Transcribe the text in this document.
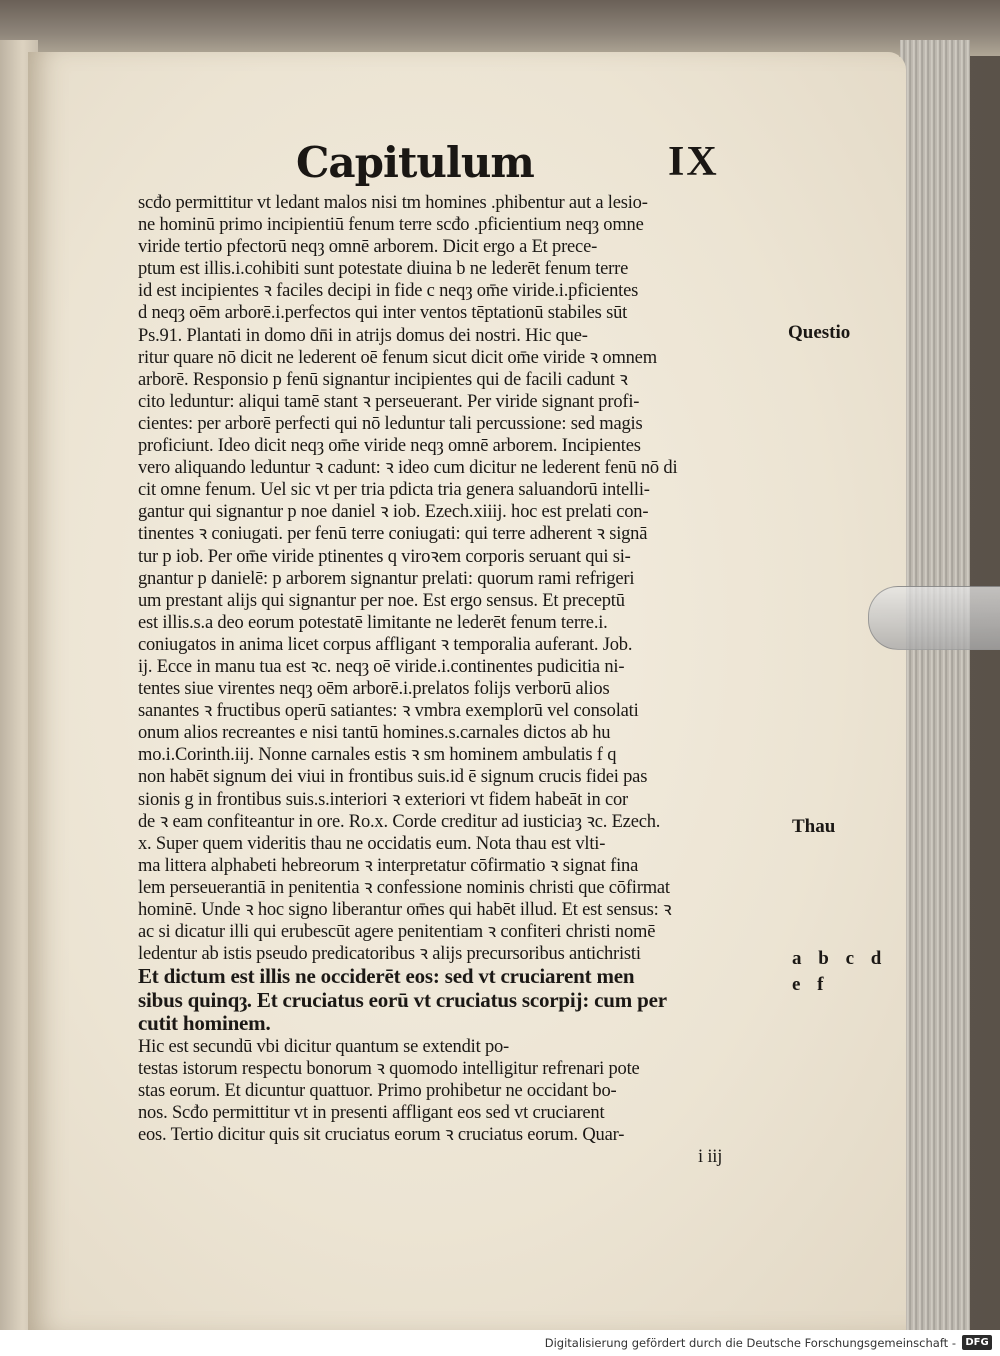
Capitulum	IX
scđo permittitur vt ledant malos nisi tm homines .phibentur aut a lesio-
ne hominū primo incipientiū fenum terre scđo .pficientium neqȝ omne
viride tertio pfectorū neqȝ omnē arborem. Dicit ergo a Et prece-
ptum est illis.i.cohibiti sunt potestate diuina b ne lederēt fenum terre
id est incipientes ꝛ faciles decipi in fide c neqȝ om̄e viride.i.pficientes
d neqȝ oēm arborē.i.perfectos qui inter ventos tēptationū stabiles sūt
Ps.91. Plantati in domo dn̄i in atrijs domus dei nostri. Hic que-
ritur quare nō dicit ne lederent oē fenum sicut dicit om̄e viride ꝛ omnem
arborē. Responsio p fenū signantur incipientes qui de facili cadunt ꝛ
cito leduntur: aliqui tamē stant ꝛ perseuerant. Per viride signant profi-
cientes: per arborē perfecti qui nō leduntur tali percussione: sed magis
proficiunt. Ideo dicit neqȝ om̄e viride neqȝ omnē arborem. Incipientes
vero aliquando leduntur ꝛ cadunt: ꝛ ideo cum dicitur ne lederent fenū nō di
cit omne fenum. Uel sic vt per tria pdicta tria genera saluandorū intelli-
gantur qui signantur p noe daniel ꝛ iob. Ezech.xiiij. hoc est prelati con-
tinentes ꝛ coniugati. per fenū terre coniugati: qui terre adherent ꝛ signā
tur p iob. Per om̄e viride ptinentes q viroꝛem corporis seruant qui si-
gnantur p danielē: p arborem signantur prelati: quorum rami refrigeri
um prestant alijs qui signantur per noe. Est ergo sensus. Et preceptū
est illis.s.a deo eorum potestatē limitante ne lederēt fenum terre.i.
coniugatos in anima licet corpus affligant ꝛ temporalia auferant. Job.
ij. Ecce in manu tua est ꝛc. neqȝ oē viride.i.continentes pudicitia ni-
tentes siue virentes neqȝ oēm arborē.i.prelatos folijs verborū alios
sanantes ꝛ fructibus operū satiantes: ꝛ vmbra exemplorū vel consolati
onum alios recreantes e nisi tantū homines.s.carnales dictos ab hu
mo.i.Corinth.iij. Nonne carnales estis ꝛ sm hominem ambulatis f q
non habēt signum dei viui in frontibus suis.id ē signum crucis fidei pas
sionis g in frontibus suis.s.interiori ꝛ exteriori vt fidem habeāt in cor
de ꝛ eam confiteantur in ore. Ro.x. Corde creditur ad iusticiaȝ ꝛc. Ezech.
x. Super quem videritis thau ne occidatis eum. Nota thau est vlti-
ma littera alphabeti hebreorum ꝛ interpretatur cōfirmatio ꝛ signat fina
lem perseuerantiā in penitentia ꝛ confessione nominis christi que cōfirmat
hominē. Unde ꝛ hoc signo liberantur om̄es qui habēt illud. Et est sensus: ꝛ
ac si dicatur illi qui erubescūt agere penitentiam ꝛ confiteri christi nomē
ledentur ab istis pseudo predicatoribus ꝛ alijs precursoribus antichristi
Et dictum est illis ne occiderēt eos: sed vt cruciarent men
sibus quinqȝ. Et cruciatus eorū vt cruciatus scorpij: cum per
cutit hominem.
Hic est secundū vbi dicitur quantum se extendit po-
testas istorum respectu bonorum ꝛ quomodo intelligitur refrenari pote
stas eorum. Et dicuntur quattuor. Primo prohibetur ne occidant bo-
nos. Scđo permittitur vt in presenti affligant eos sed vt cruciarent
eos. Tertio dicitur quis sit cruciatus eorum ꝛ cruciatus eorum. Quar-
i iij
Questio
Thau
a b c d
e f
Digitalisierung gefördert durch die Deutsche Forschungsgemeinschaft - DFG
